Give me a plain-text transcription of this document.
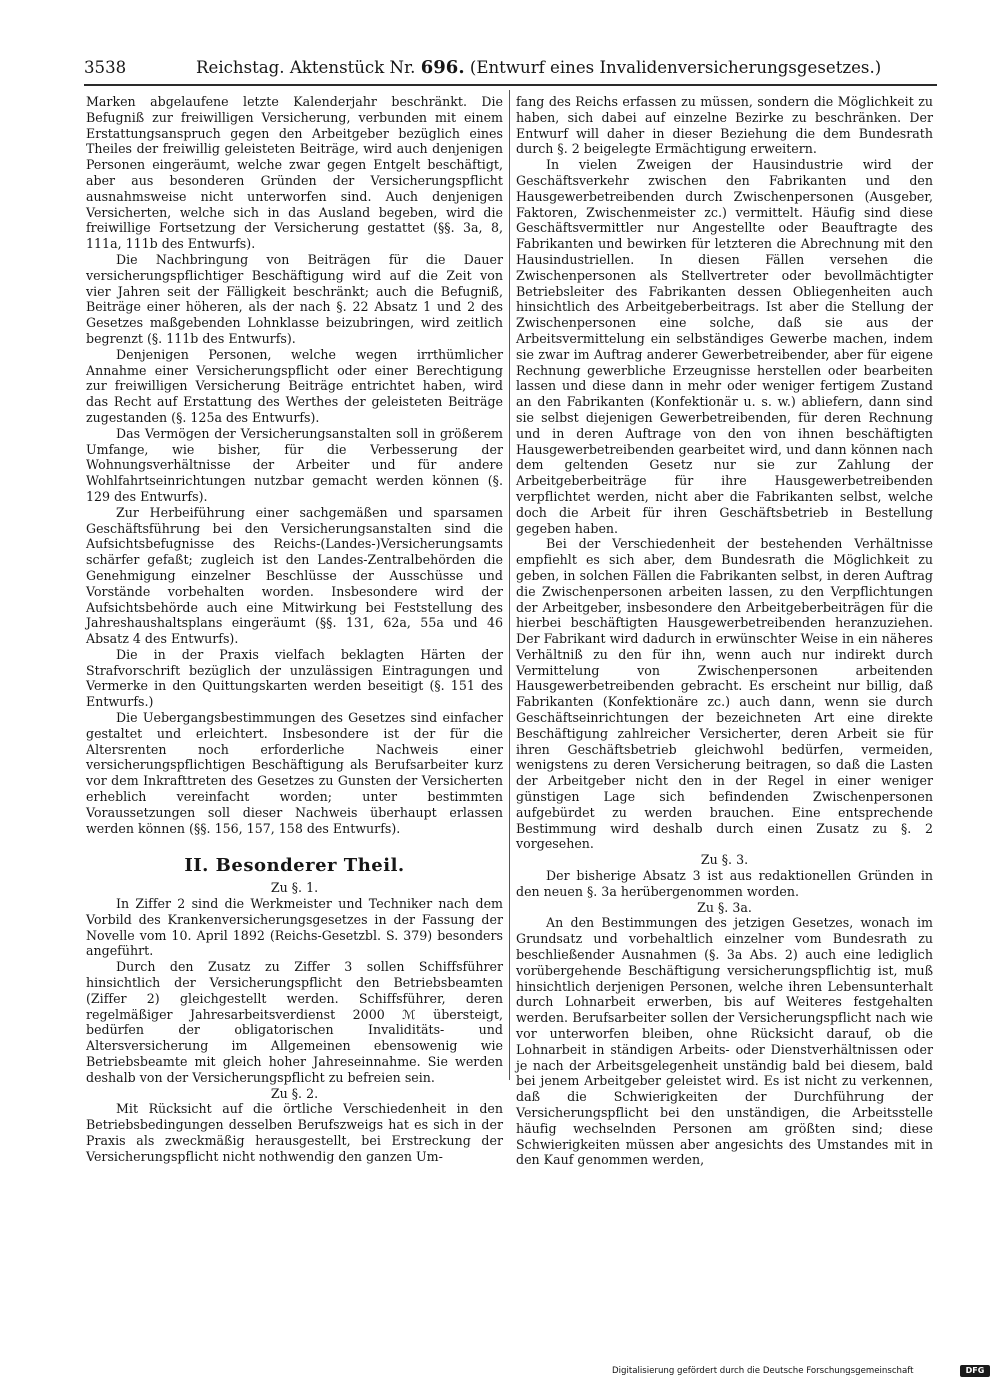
3538	Reichstag. Aktenstück Nr. 696. (Entwurf eines Invalidenversicherungsgesetzes.)

Marken abgelaufene letzte Kalenderjahr beschränkt. Die Befugniß zur freiwilligen Versicherung, verbunden mit einem Erstattungsanspruch gegen den Arbeitgeber bezüglich eines Theiles der freiwillig geleisteten Beiträge, wird auch denjenigen Personen eingeräumt, welche zwar gegen Entgelt beschäftigt, aber aus besonderen Gründen der Versicherungspflicht ausnahmsweise nicht unterworfen sind. Auch denjenigen Versicherten, welche sich in das Ausland begeben, wird die freiwillige Fortsetzung der Versicherung gestattet (§§. 3a, 8, 111a, 111b des Entwurfs).

Die Nachbringung von Beiträgen für die Dauer versicherungspflichtiger Beschäftigung wird auf die Zeit von vier Jahren seit der Fälligkeit beschränkt; auch die Befugniß, Beiträge einer höheren, als der nach §. 22 Absatz 1 und 2 des Gesetzes maßgebenden Lohnklasse beizubringen, wird zeitlich begrenzt (§. 111b des Entwurfs).

Denjenigen Personen, welche wegen irrthümlicher Annahme einer Versicherungspflicht oder einer Berechtigung zur freiwilligen Versicherung Beiträge entrichtet haben, wird das Recht auf Erstattung des Werthes der geleisteten Beiträge zugestanden (§. 125a des Entwurfs).

Das Vermögen der Versicherungsanstalten soll in größerem Umfange, wie bisher, für die Verbesserung der Wohnungsverhältnisse der Arbeiter und für andere Wohlfahrtseinrichtungen nutzbar gemacht werden können (§. 129 des Entwurfs).

Zur Herbeiführung einer sachgemäßen und sparsamen Geschäftsführung bei den Versicherungsanstalten sind die Aufsichtsbefugnisse des Reichs-(Landes-)Versicherungsamts schärfer gefaßt; zugleich ist den Landes-Zentralbehörden die Genehmigung einzelner Beschlüsse der Ausschüsse und Vorstände vorbehalten worden. Insbesondere wird der Aufsichtsbehörde auch eine Mitwirkung bei Feststellung des Jahreshaushaltsplans eingeräumt (§§. 131, 62a, 55a und 46 Absatz 4 des Entwurfs).

Die in der Praxis vielfach beklagten Härten der Strafvorschrift bezüglich der unzulässigen Eintragungen und Vermerke in den Quittungskarten werden beseitigt (§. 151 des Entwurfs.)

Die Uebergangsbestimmungen des Gesetzes sind einfacher gestaltet und erleichtert. Insbesondere ist der für die Altersrenten noch erforderliche Nachweis einer versicherungspflichtigen Beschäftigung als Berufsarbeiter kurz vor dem Inkrafttreten des Gesetzes zu Gunsten der Versicherten erheblich vereinfacht worden; unter bestimmten Voraussetzungen soll dieser Nachweis überhaupt erlassen werden können (§§. 156, 157, 158 des Entwurfs).

II. Besonderer Theil.
Zu §. 1.

In Ziffer 2 sind die Werkmeister und Techniker nach dem Vorbild des Krankenversicherungsgesetzes in der Fassung der Novelle vom 10. April 1892 (Reichs-Gesetzbl. S. 379) besonders angeführt.

Durch den Zusatz zu Ziffer 3 sollen Schiffsführer hinsichtlich der Versicherungspflicht den Betriebsbeamten (Ziffer 2) gleichgestellt werden. Schiffsführer, deren regelmäßiger Jahresarbeitsverdienst 2000 ℳ übersteigt, bedürfen der obligatorischen Invaliditäts- und Altersversicherung im Allgemeinen ebensowenig wie Betriebsbeamte mit gleich hoher Jahreseinnahme. Sie werden deshalb von der Versicherungspflicht zu befreien sein.

Zu §. 2.

Mit Rücksicht auf die örtliche Verschiedenheit in den Betriebsbedingungen desselben Berufszweigs hat es sich in der Praxis als zweckmäßig herausgestellt, bei Erstreckung der Versicherungspflicht nicht nothwendig den ganzen Um-

fang des Reichs erfassen zu müssen, sondern die Möglichkeit zu haben, sich dabei auf einzelne Bezirke zu beschränken. Der Entwurf will daher in dieser Beziehung die dem Bundesrath durch §. 2 beigelegte Ermächtigung erweitern.

In vielen Zweigen der Hausindustrie wird der Geschäftsverkehr zwischen den Fabrikanten und den Hausgewerbetreibenden durch Zwischenpersonen (Ausgeber, Faktoren, Zwischenmeister zc.) vermittelt. Häufig sind diese Geschäftsvermittler nur Angestellte oder Beauftragte des Fabrikanten und bewirken für letzteren die Abrechnung mit den Hausindustriellen. In diesen Fällen versehen die Zwischenpersonen als Stellvertreter oder bevollmächtigter Betriebsleiter des Fabrikanten dessen Obliegenheiten auch hinsichtlich des Arbeitgeberbeitrags. Ist aber die Stellung der Zwischenpersonen eine solche, daß sie aus der Arbeitsvermittelung ein selbständiges Gewerbe machen, indem sie zwar im Auftrag anderer Gewerbetreibender, aber für eigene Rechnung gewerbliche Erzeugnisse herstellen oder bearbeiten lassen und diese dann in mehr oder weniger fertigem Zustand an den Fabrikanten (Konfektionär u. s. w.) abliefern, dann sind sie selbst diejenigen Gewerbetreibenden, für deren Rechnung und in deren Auftrage von den von ihnen beschäftigten Hausgewerbetreibenden gearbeitet wird, und dann können nach dem geltenden Gesetz nur sie zur Zahlung der Arbeitgeberbeiträge für ihre Hausgewerbetreibenden verpflichtet werden, nicht aber die Fabrikanten selbst, welche doch die Arbeit für ihren Geschäftsbetrieb in Bestellung gegeben haben.

Bei der Verschiedenheit der bestehenden Verhältnisse empfiehlt es sich aber, dem Bundesrath die Möglichkeit zu geben, in solchen Fällen die Fabrikanten selbst, in deren Auftrag die Zwischenpersonen arbeiten lassen, zu den Verpflichtungen der Arbeitgeber, insbesondere den Arbeitgeberbeiträgen für die hierbei beschäftigten Hausgewerbetreibenden heranzuziehen. Der Fabrikant wird dadurch in erwünschter Weise in ein näheres Verhältniß zu den für ihn, wenn auch nur indirekt durch Vermittelung von Zwischenpersonen arbeitenden Hausgewerbetreibenden gebracht. Es erscheint nur billig, daß Fabrikanten (Konfektionäre zc.) auch dann, wenn sie durch Geschäftseinrichtungen der bezeichneten Art eine direkte Beschäftigung zahlreicher Versicherter, deren Arbeit sie für ihren Geschäftsbetrieb gleichwohl bedürfen, vermeiden, wenigstens zu deren Versicherung beitragen, so daß die Lasten der Arbeitgeber nicht den in der Regel in einer weniger günstigen Lage sich befindenden Zwischenpersonen aufgebürdet zu werden brauchen. Eine entsprechende Bestimmung wird deshalb durch einen Zusatz zu §. 2 vorgesehen.

Zu §. 3.

Der bisherige Absatz 3 ist aus redaktionellen Gründen in den neuen §. 3a herübergenommen worden.

Zu §. 3a.

An den Bestimmungen des jetzigen Gesetzes, wonach im Grundsatz und vorbehaltlich einzelner vom Bundesrath zu beschließender Ausnahmen (§. 3a Abs. 2) auch eine lediglich vorübergehende Beschäftigung versicherungspflichtig ist, muß hinsichtlich derjenigen Personen, welche ihren Lebensunterhalt durch Lohnarbeit erwerben, bis auf Weiteres festgehalten werden. Berufsarbeiter sollen der Versicherungspflicht nach wie vor unterworfen bleiben, ohne Rücksicht darauf, ob die Lohnarbeit in ständigen Arbeits- oder Dienstverhältnissen oder je nach der Arbeitsgelegenheit unständig bald bei diesem, bald bei jenem Arbeitgeber geleistet wird. Es ist nicht zu verkennen, daß die Schwierigkeiten der Durchführung der Versicherungspflicht bei den unständigen, die Arbeitsstelle häufig wechselnden Personen am größten sind; diese Schwierigkeiten müssen aber angesichts des Umstandes mit in den Kauf genommen werden,

Digitalisierung gefördert durch die Deutsche Forschungsgemeinschaft	DFG
